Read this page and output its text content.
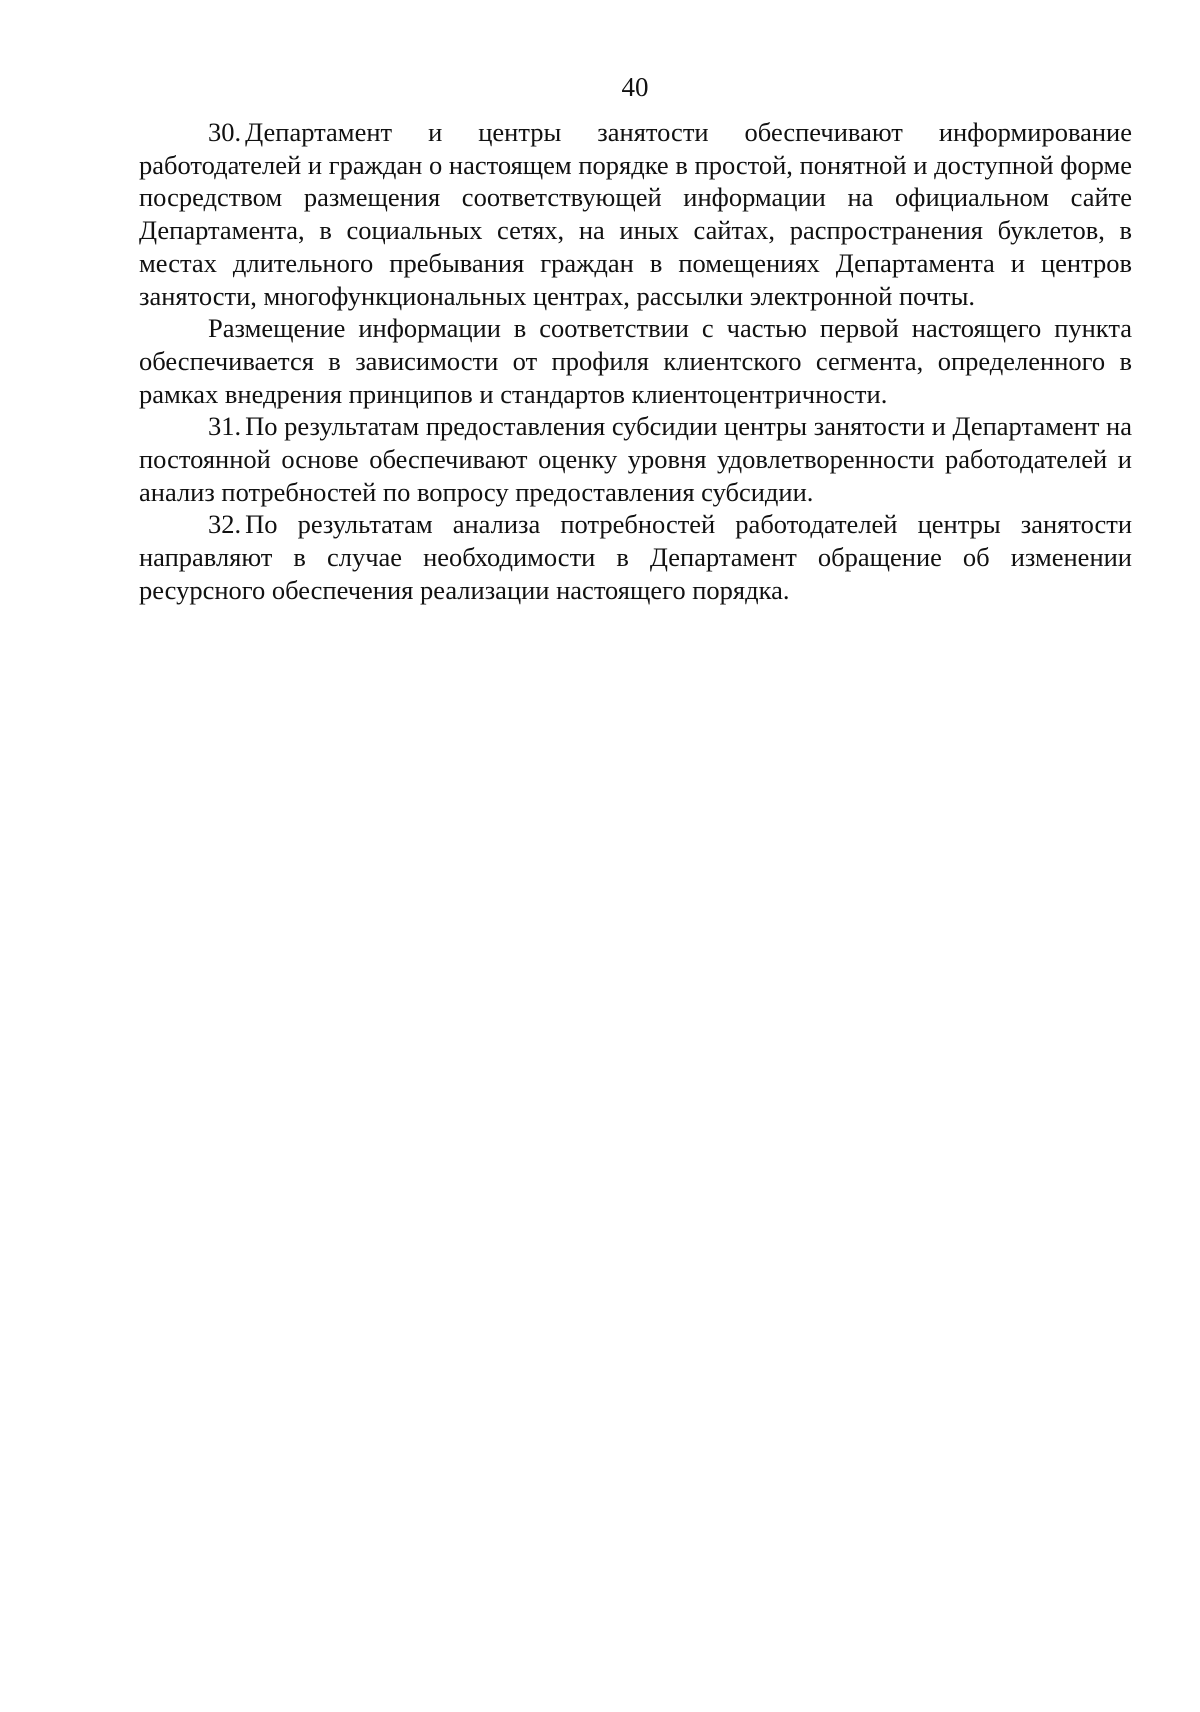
40

30. Департамент и центры занятости обеспечивают информирование работодателей и граждан о настоящем порядке в простой, понятной и доступной форме посредством размещения соответствующей информации на официальном сайте Департамента, в социальных сетях, на иных сайтах, распространения буклетов, в местах длительного пребывания граждан в помещениях Департамента и центров занятости, многофункциональных центрах, рассылки электронной почты.

Размещение информации в соответствии с частью первой настоящего пункта обеспечивается в зависимости от профиля клиентского сегмента, определенного в рамках внедрения принципов и стандартов клиентоцентричности.

31. По результатам предоставления субсидии центры занятости и Департамент на постоянной основе обеспечивают оценку уровня удовлетворенности работодателей и анализ потребностей по вопросу предоставления субсидии.

32. По результатам анализа потребностей работодателей центры занятости направляют в случае необходимости в Департамент обращение об изменении ресурсного обеспечения реализации настоящего порядка.
